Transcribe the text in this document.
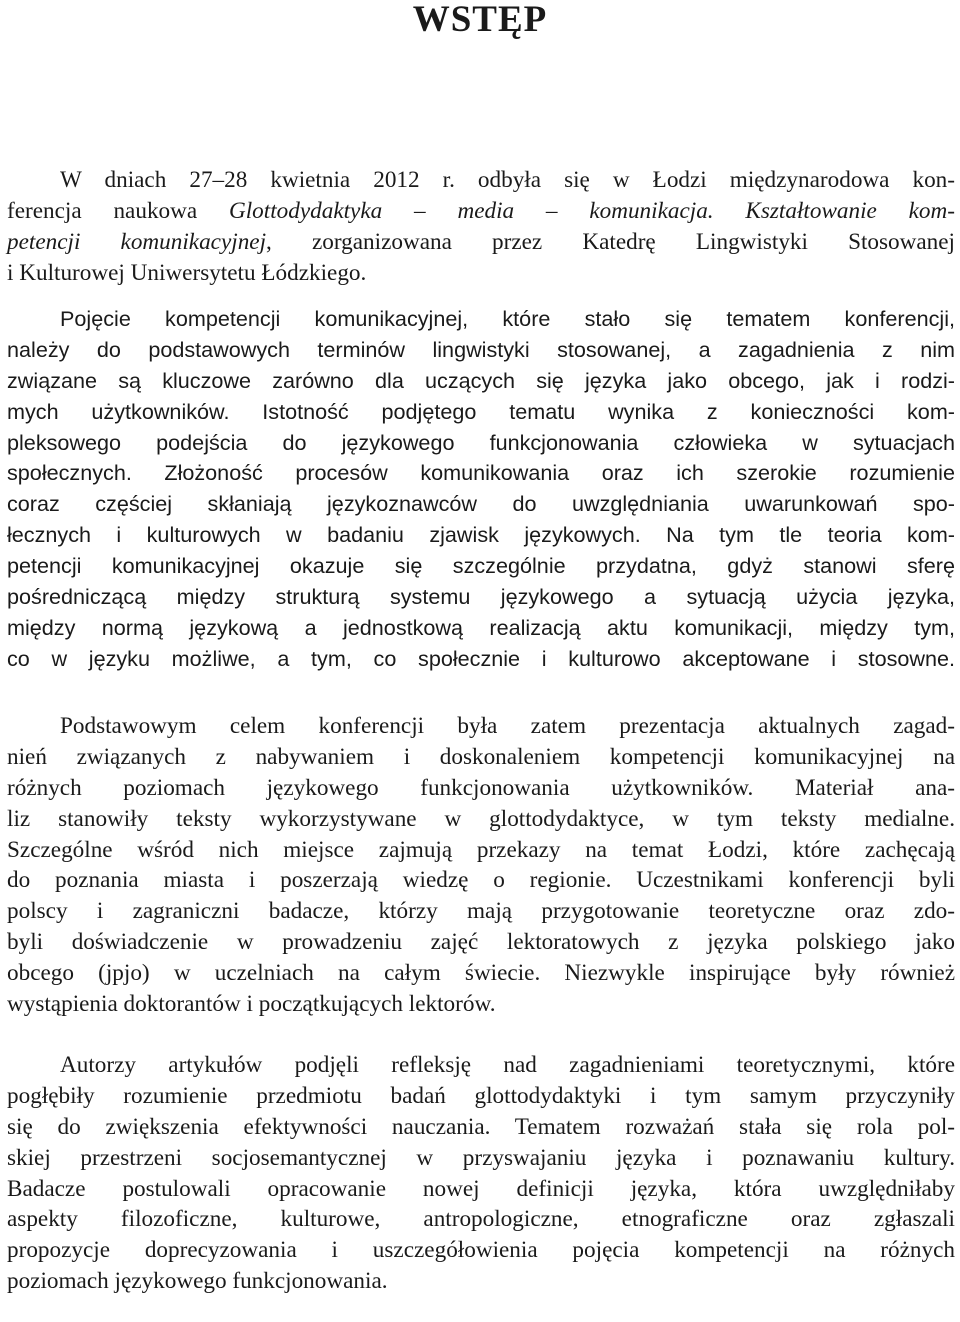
WSTĘP
W dniach 27–28 kwietnia 2012 r. odbyła się w Łodzi międzynarodowa kon-
ferencja naukowa Glottodydaktyka – media – komunikacja. Kształtowanie kom-
petencji komunikacyjnej, zorganizowana przez Katedrę Lingwistyki Stosowanej
i Kulturowej Uniwersytetu Łódzkiego.
Pojęcie kompetencji komunikacyjnej, które stało się tematem konferencji,
należy do podstawowych terminów lingwistyki stosowanej, a zagadnienia z nim
związane są kluczowe zarówno dla uczących się języka jako obcego, jak i rodzi-
mych użytkowników. Istotność podjętego tematu wynika z konieczności kom-
pleksowego podejścia do językowego funkcjonowania człowieka w sytuacjach
społecznych. Złożoność procesów komunikowania oraz ich szerokie rozumienie
coraz częściej skłaniają językoznawców do uwzględniania uwarunkowań spo-
łecznych i kulturowych w badaniu zjawisk językowych. Na tym tle teoria kom-
petencji komunikacyjnej okazuje się szczególnie przydatna, gdyż stanowi sferę
pośredniczącą między strukturą systemu językowego a sytuacją użycia języka,
między normą językową a jednostkową realizacją aktu komunikacji, między tym,
co w języku możliwe, a tym, co społecznie i kulturowo akceptowane i stosowne.
Podstawowym celem konferencji była zatem prezentacja aktualnych zagad-
nień związanych z nabywaniem i doskonaleniem kompetencji komunikacyjnej na
różnych poziomach językowego funkcjonowania użytkowników. Materiał ana-
liz stanowiły teksty wykorzystywane w glottodydaktyce, w tym teksty medialne.
Szczególne wśród nich miejsce zajmują przekazy na temat Łodzi, które zachęcają
do poznania miasta i poszerzają wiedzę o regionie. Uczestnikami konferencji byli
polscy i zagraniczni badacze, którzy mają przygotowanie teoretyczne oraz zdo-
byli doświadczenie w prowadzeniu zajęć lektoratowych z języka polskiego jako
obcego (jpjo) w uczelniach na całym świecie. Niezwykle inspirujące były również
wystąpienia doktorantów i początkujących lektorów.
Autorzy artykułów podjęli refleksję nad zagadnieniami teoretycznymi, które
pogłębiły rozumienie przedmiotu badań glottodydaktyki i tym samym przyczyniły
się do zwiększenia efektywności nauczania. Tematem rozważań stała się rola pol-
skiej przestrzeni socjosemantycznej w przyswajaniu języka i poznawaniu kultury.
Badacze postulowali opracowanie nowej definicji języka, która uwzględniłaby
aspekty filozoficzne, kulturowe, antropologiczne, etnograficzne oraz zgłaszali
propozycje doprecyzowania i uszczegółowienia pojęcia kompetencji na różnych
poziomach językowego funkcjonowania.
